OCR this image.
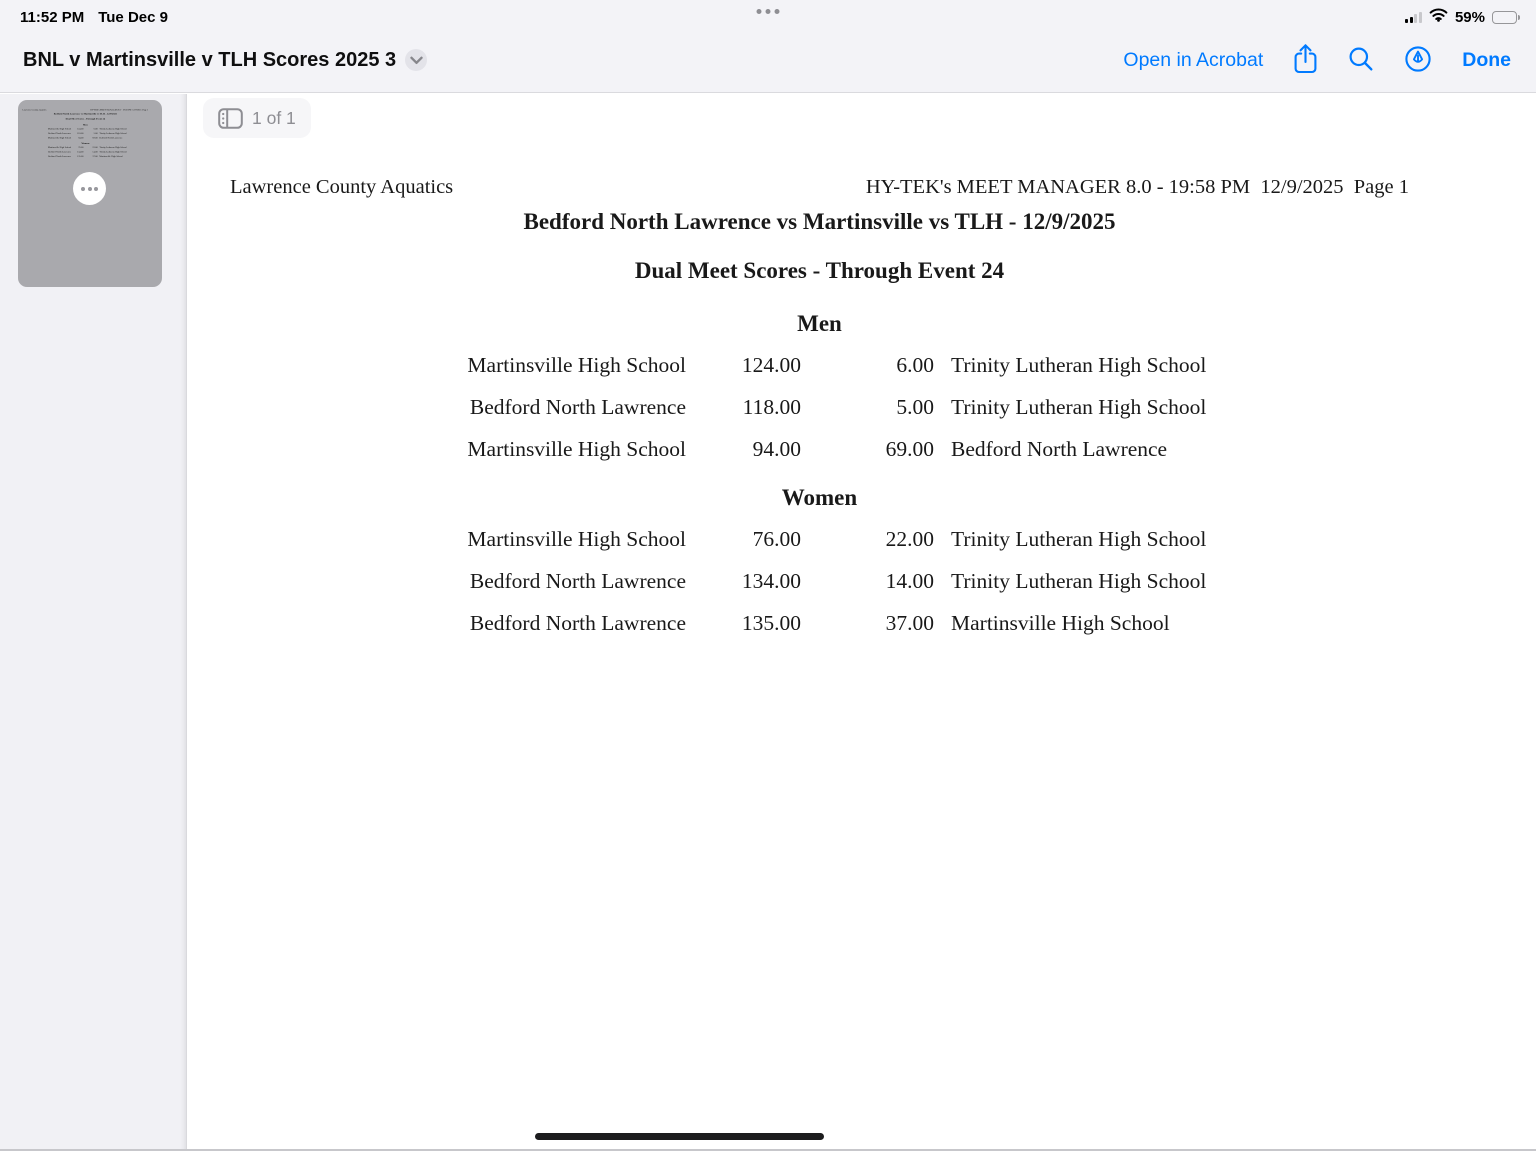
11:52 PM Tue Dec 9	59%
BNL v Martinsville v TLH Scores 2025 3	Open in Acrobat	Done
Lawrence County Aquatics HY-TEK's MEET MANAGER 8.0 - 19:58 PM  12/9/2025  Page 1
Bedford North Lawrence vs Martinsville vs TLH - 12/9/2025
Dual Meet Scores - Through Event 24
Men
Martinsville High School 124.00 6.00 Trinity Lutheran High School
Bedford North Lawrence 118.00 5.00 Trinity Lutheran High School
Martinsville High School 94.00 69.00 Bedford North Lawrence
Women
Martinsville High School 76.00 22.00 Trinity Lutheran High School
Bedford North Lawrence 134.00 14.00 Trinity Lutheran High School
Bedford North Lawrence 135.00 37.00 Martinsville High School
1 of 1
Lawrence County Aquatics	HY-TEK's MEET MANAGER 8.0 - 19:58 PM  12/9/2025  Page 1
Bedford North Lawrence vs Martinsville vs TLH - 12/9/2025
Dual Meet Scores - Through Event 24
Men
Martinsville High School	124.00	6.00 Trinity Lutheran High School
Bedford North Lawrence	118.00	5.00 Trinity Lutheran High School
Martinsville High School	94.00	69.00 Bedford North Lawrence
Women
Martinsville High School	76.00	22.00 Trinity Lutheran High School
Bedford North Lawrence	134.00	14.00 Trinity Lutheran High School
Bedford North Lawrence	135.00	37.00 Martinsville High School
